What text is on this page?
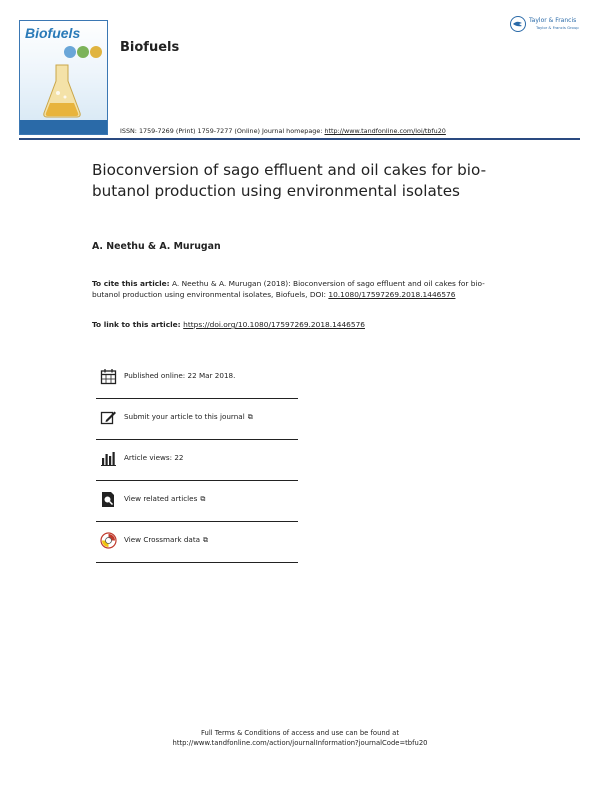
Biofuels
Biofuels
ISSN: 1759-7269 (Print) 1759-7277 (Online) Journal homepage: http://www.tandfonline.com/loi/tbfu20
Taylor & Francis
Taylor & Francis Group
Bioconversion of sago effluent and oil cakes for bio-butanol production using environmental isolates
A. Neethu & A. Murugan
To cite this article: A. Neethu & A. Murugan (2018): Bioconversion of sago effluent and oil cakes for bio-butanol production using environmental isolates, Biofuels, DOI: 10.1080/17597269.2018.1446576
To link to this article: https://doi.org/10.1080/17597269.2018.1446576
Published online: 22 Mar 2018.
Submit your article to this journal ⧉
Article views: 22
View related articles ⧉
View Crossmark data ⧉
Full Terms & Conditions of access and use can be found at
http://www.tandfonline.com/action/journalInformation?journalCode=tbfu20
